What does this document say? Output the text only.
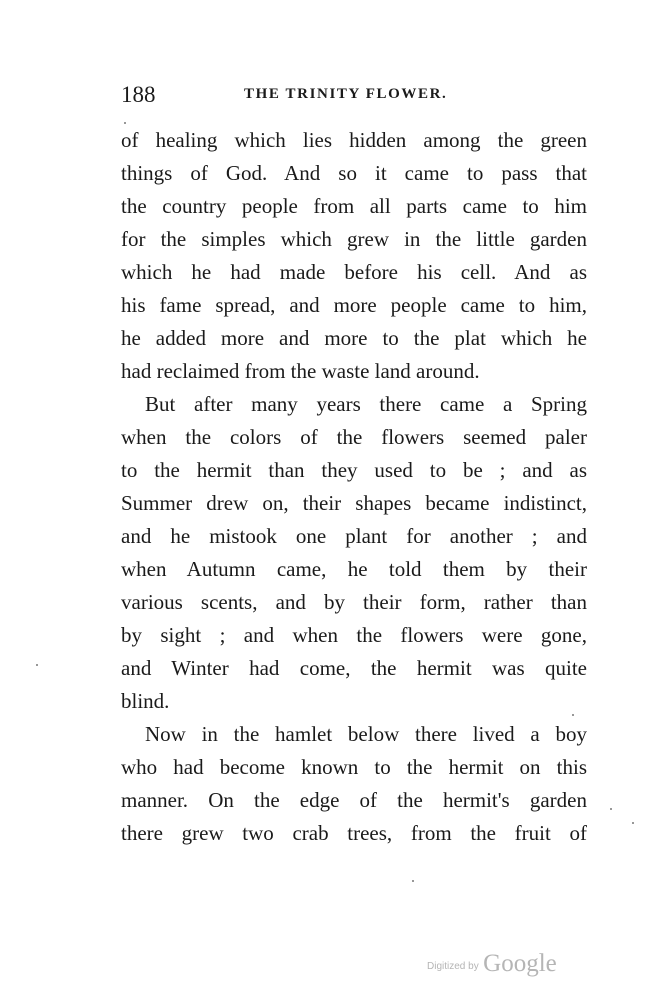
188	THE TRINITY FLOWER.
of healing which lies hidden among the green
things of God. And so it came to pass that
the country people from all parts came to him
for the simples which grew in the little garden
which he had made before his cell. And as
his fame spread, and more people came to him,
he added more and more to the plat which he
had reclaimed from the waste land around.
But after many years there came a Spring
when the colors of the flowers seemed paler
to the hermit than they used to be ; and as
Summer drew on, their shapes became indistinct,
and he mistook one plant for another ; and
when Autumn came, he told them by their
various scents, and by their form, rather than
by sight ; and when the flowers were gone,
and Winter had come, the hermit was quite
blind.
Now in the hamlet below there lived a boy
who had become known to the hermit on this
manner. On the edge of the hermit's garden
there grew two crab trees, from the fruit of
Digitized by Google
